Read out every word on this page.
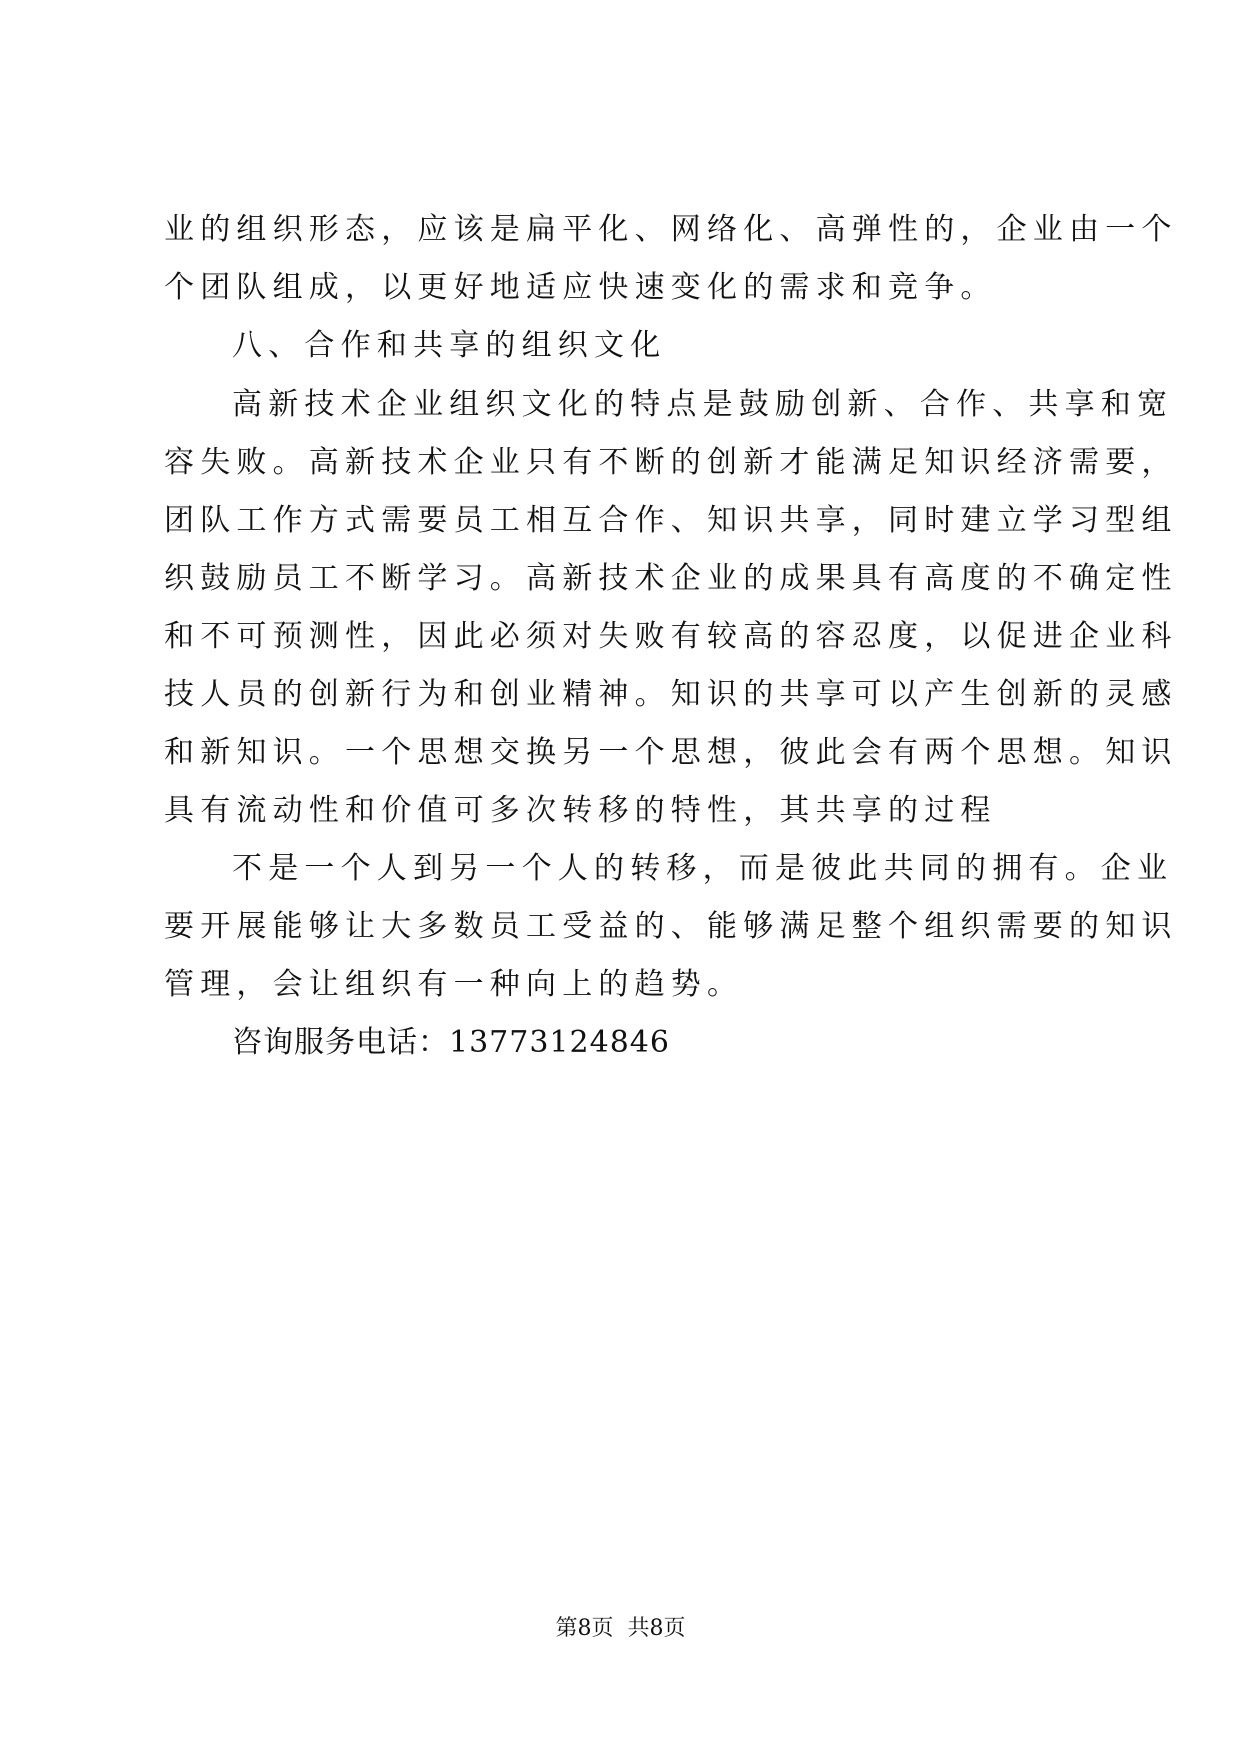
业的组织形态，应该是扁平化、网络化、高弹性的，企业由一个
个团队组成，以更好地适应快速变化的需求和竞争。
八、合作和共享的组织文化
高新技术企业组织文化的特点是鼓励创新、合作、共享和宽
容失败。高新技术企业只有不断的创新才能满足知识经济需要，
团队工作方式需要员工相互合作、知识共享，同时建立学习型组
织鼓励员工不断学习。高新技术企业的成果具有高度的不确定性
和不可预测性，因此必须对失败有较高的容忍度，以促进企业科
技人员的创新行为和创业精神。知识的共享可以产生创新的灵感
和新知识。一个思想交换另一个思想，彼此会有两个思想。知识
具有流动性和价值可多次转移的特性，其共享的过程
不是一个人到另一个人的转移，而是彼此共同的拥有。企业
要开展能够让大多数员工受益的、能够满足整个组织需要的知识
管理，会让组织有一种向上的趋势。
咨询服务电话：13773124846
第8页 共8页
